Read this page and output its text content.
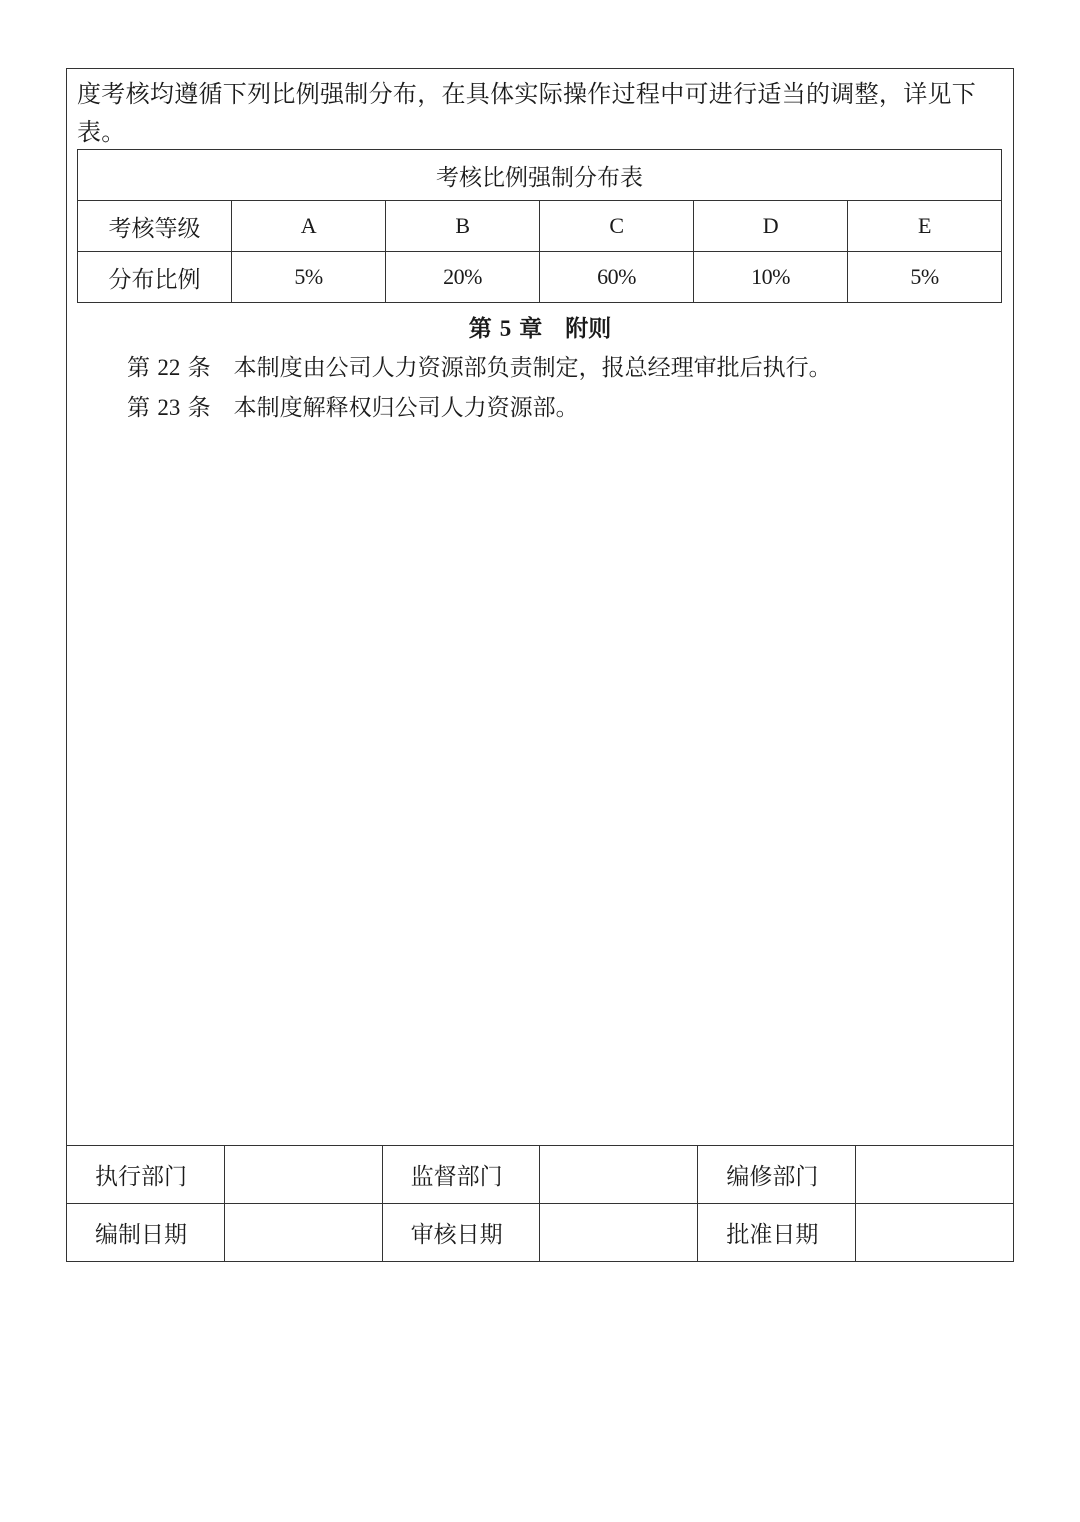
度考核均遵循下列比例强制分布，在具体实际操作过程中可进行适当的调整，详见下表。
考核比例强制分布表					
考核等级	A	B	C	D	E
分布比例	5%	20%	60%	10%	5%
第 5 章　附则
第 22 条　 本制度由公司人力资源部负责制定，报总经理审批后执行。
第 23 条　 本制度解释权归公司人力资源部。
执行部门		监督部门		编修部门	
编制日期		审核日期		批准日期	
